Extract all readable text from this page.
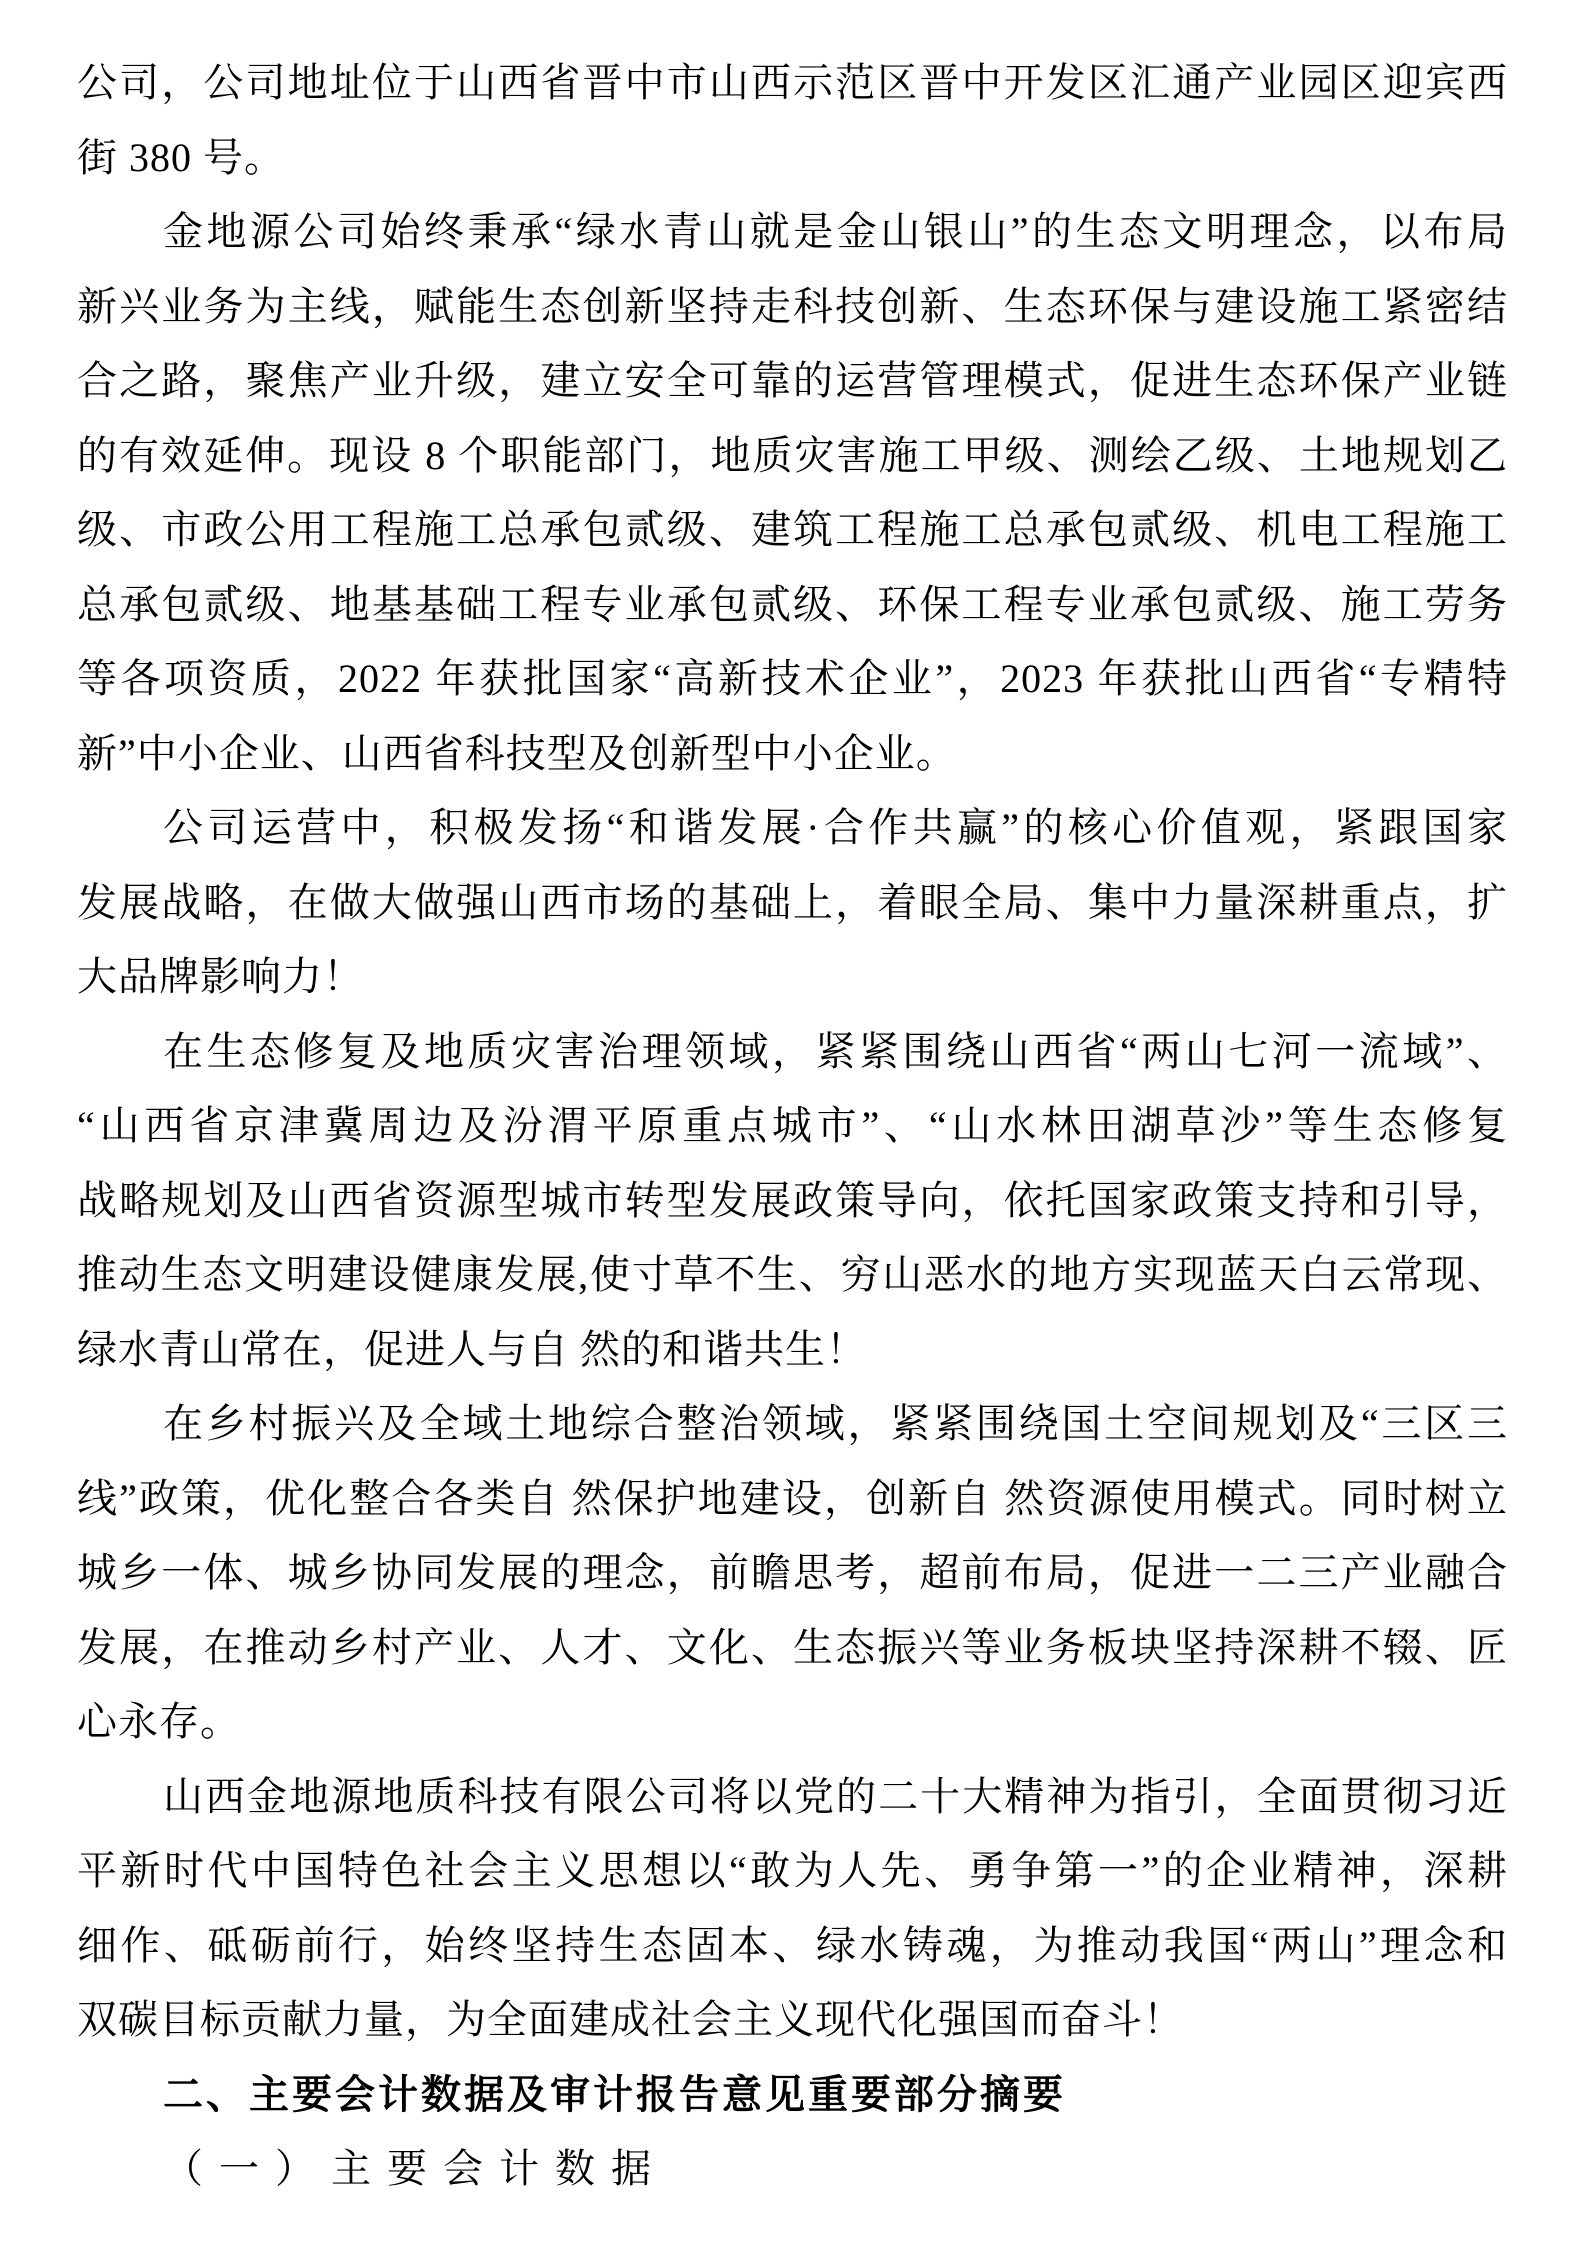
公司，公司地址位于山西省晋中市山西示范区晋中开发区汇通产业园区迎宾西
街 380 号。
金地源公司始终秉承“绿水青山就是金山银山”的生态文明理念，以布局
新兴业务为主线，赋能生态创新坚持走科技创新、生态环保与建设施工紧密结
合之路，聚焦产业升级，建立安全可靠的运营管理模式，促进生态环保产业链
的有效延伸。现设 8 个职能部门，地质灾害施工甲级、测绘乙级、土地规划乙
级、市政公用工程施工总承包贰级、建筑工程施工总承包贰级、机电工程施工
总承包贰级、地基基础工程专业承包贰级、环保工程专业承包贰级、施工劳务
等各项资质，2022 年获批国家“高新技术企业”，2023 年获批山西省“专精特
新”中小企业、山西省科技型及创新型中小企业。
公司运营中，积极发扬“和谐发展·合作共赢”的核心价值观，紧跟国家
发展战略，在做大做强山西市场的基础上，着眼全局、集中力量深耕重点，扩
大品牌影响力！
在生态修复及地质灾害治理领域，紧紧围绕山西省“两山七河一流域”、
“山西省京津冀周边及汾渭平原重点城市”、“山水林田湖草沙”等生态修复
战略规划及山西省资源型城市转型发展政策导向，依托国家政策支持和引导，
推动生态文明建设健康发展,使寸草不生、穷山恶水的地方实现蓝天白云常现、
绿水青山常在，促进人与自 然的和谐共生！
在乡村振兴及全域土地综合整治领域，紧紧围绕国土空间规划及“三区三
线”政策，优化整合各类自 然保护地建设，创新自 然资源使用模式。同时树立
城乡一体、城乡协同发展的理念，前瞻思考，超前布局，促进一二三产业融合
发展，在推动乡村产业、人才、文化、生态振兴等业务板块坚持深耕不辍、匠
心永存。
山西金地源地质科技有限公司将以党的二十大精神为指引，全面贯彻习近
平新时代中国特色社会主义思想以“敢为人先、勇争第一”的企业精神，深耕
细作、砥砺前行，始终坚持生态固本、绿水铸魂，为推动我国“两山”理念和
双碳目标贡献力量，为全面建成社会主义现代化强国而奋斗！
二、主要会计数据及审计报告意见重要部分摘要
（一）主要会计数据
